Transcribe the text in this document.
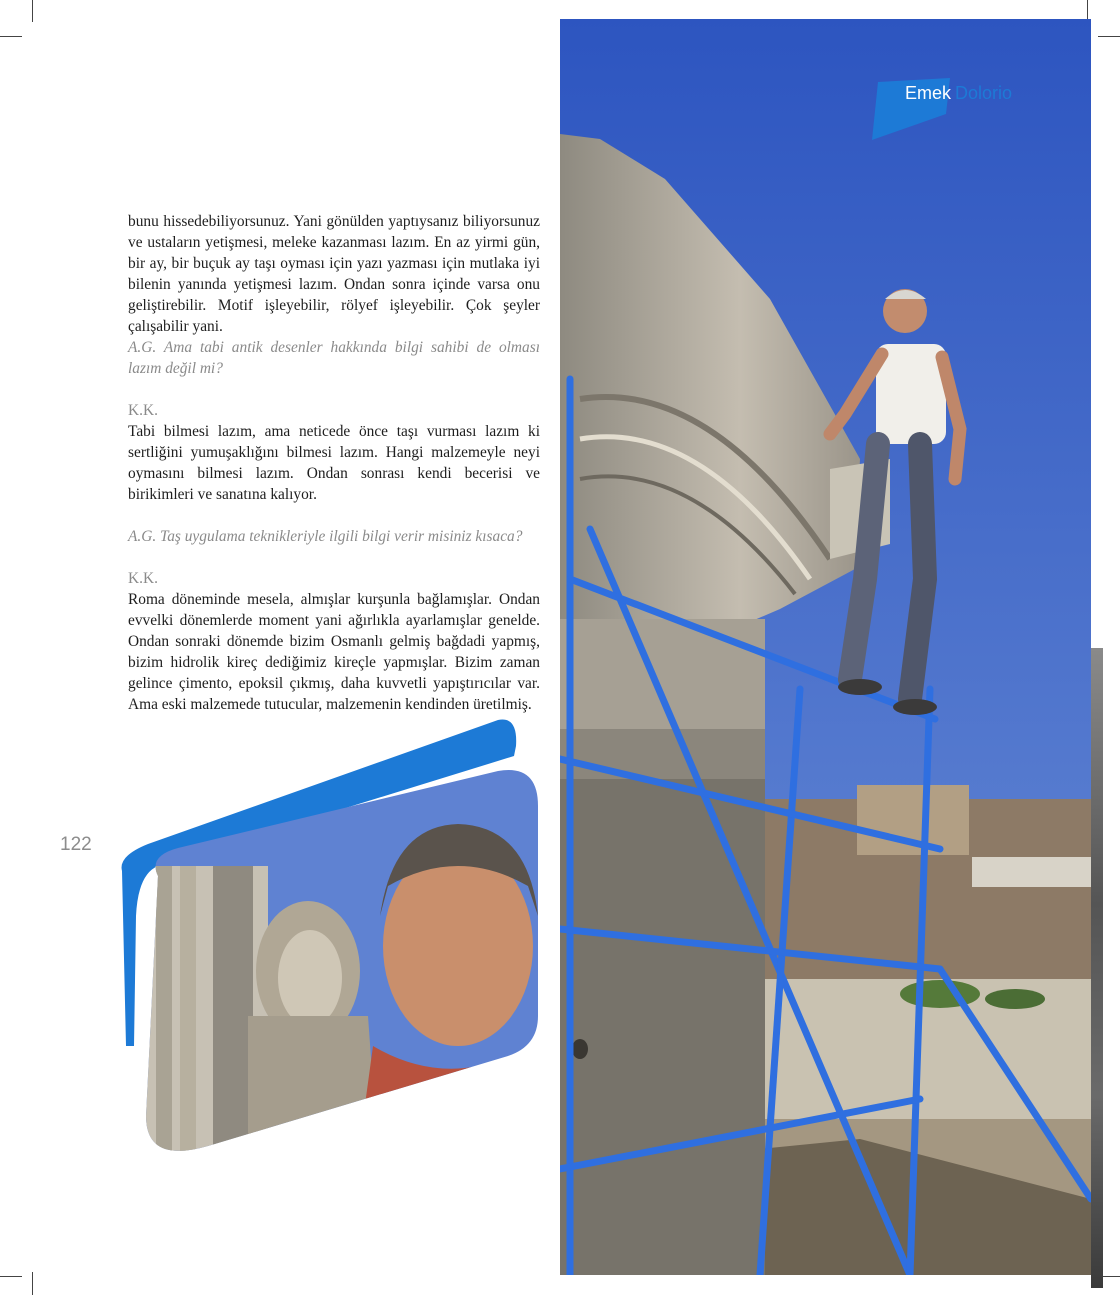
Emek Dolorio

bunu hissedebiliyorsunuz. Yani gönülden yaptıysanız biliyorsunuz ve ustaların yetişmesi, meleke kazanması lazım. En az yirmi gün, bir ay, bir buçuk ay taşı oyması için yazı yazması için mutlaka iyi bilenin yanında yetişmesi lazım. Ondan sonra içinde varsa onu geliştirebilir. Motif işleyebilir, rölyef işleyebilir. Çok şeyler çalışabilir yani.

A.G. Ama tabi antik desenler hakkında bilgi sahibi de olması lazım değil mi?

K.K.

Tabi bilmesi lazım, ama neticede önce taşı vurması lazım ki sertliğini yumuşaklığını bilmesi lazım. Hangi malzemeyle neyi oymasını bilmesi lazım. Ondan sonrası kendi becerisi ve birikimleri ve sanatına kalıyor.

A.G. Taş uygulama teknikleriyle ilgili bilgi verir misiniz kısaca?

K.K.

Roma döneminde mesela, almışlar kurşunla bağlamışlar. Ondan evvelki dönemlerde moment yani ağırlıkla ayarlamışlar genelde. Ondan sonraki dönemde bizim Osmanlı gelmiş bağdadi yapmış, bizim hidrolik kireç dediğimiz kireçle yapmışlar. Bizim zaman gelince çimento, epoksil çıkmış, daha kuvvetli yapıştırıcılar var. Ama eski malzemede tutucular, malzemenin kendinden üretilmiş.

122
